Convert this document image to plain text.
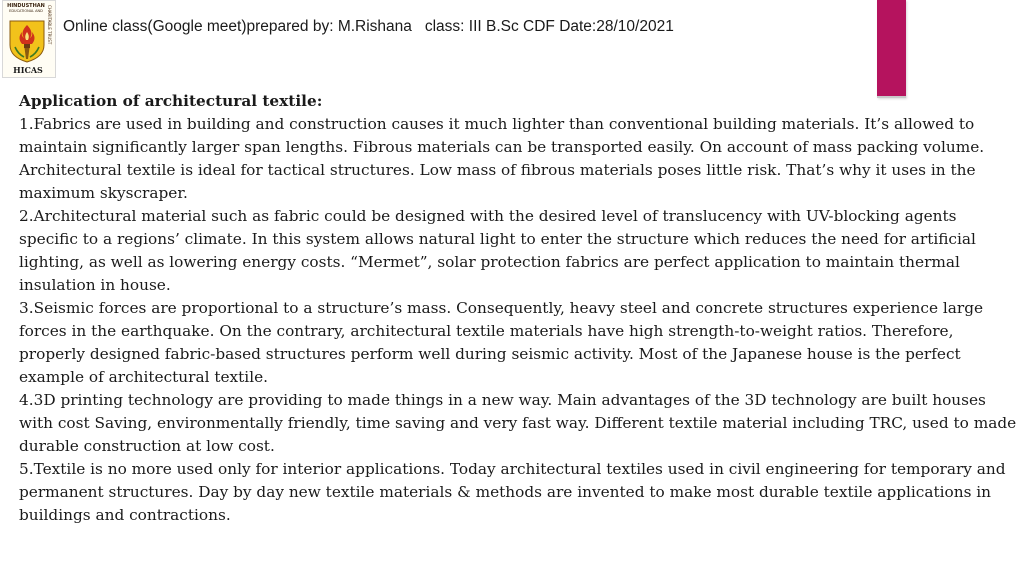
HINDUSTHAN
EDUCATIONAL AND	CHARITABLE TRUST
HICAS
Online class(Google meet)prepared by: M.Rishana   class: III B.Sc CDF Date:28/10/2021
Application of architectural textile:

1.Fabrics are used in building and construction causes it much lighter than conventional building materials. It’s allowed to maintain significantly larger span lengths. Fibrous materials can be transported easily. On account of mass packing volume. Architectural textile is ideal for tactical structures. Low mass of fibrous materials poses little risk. That’s why it uses in the maximum skyscraper.

2.Architectural material such as fabric could be designed with the desired level of translucency with UV-blocking agents specific to a regions’ climate. In this system allows natural light to enter the structure which reduces the need for artificial lighting, as well as lowering energy costs. “Mermet”, solar protection fabrics are perfect application to maintain thermal insulation in house.

3.Seismic forces are proportional to a structure’s mass. Consequently, heavy steel and concrete structures experience large forces in the earthquake. On the contrary, architectural textile materials have high strength-to-weight ratios. Therefore, properly designed fabric-based structures perform well during seismic activity. Most of the Japanese house is the perfect example of architectural textile.

4.3D printing technology are providing to made things in a new way. Main advantages of the 3D technology are built houses with cost Saving, environmentally friendly, time saving and very fast way. Different textile material including TRC, used to made durable construction at low cost.

5.Textile is no more used only for interior applications. Today architectural textiles used in civil engineering for temporary and permanent structures. Day by day new textile materials & methods are invented to make most durable textile applications in buildings and contractions.
